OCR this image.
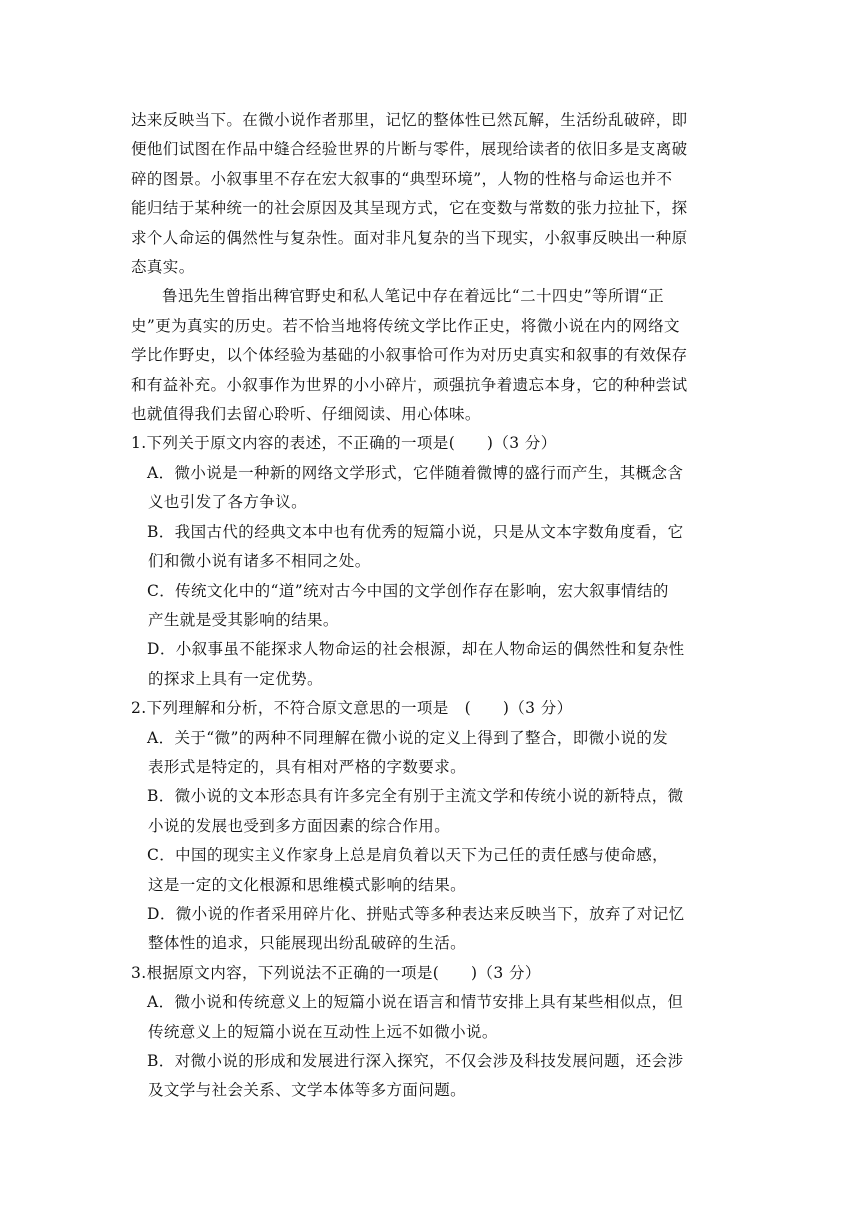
达来反映当下。在微小说作者那里，记忆的整体性已然瓦解，生活纷乱破碎，即
便他们试图在作品中缝合经验世界的片断与零件，展现给读者的依旧多是支离破
碎的图景。小叙事里不存在宏大叙事的“典型环境”，人物的性格与命运也并不
能归结于某种统一的社会原因及其呈现方式，它在变数与常数的张力拉扯下，探
求个人命运的偶然性与复杂性。面对非凡复杂的当下现实，小叙事反映出一种原
态真实。
鲁迅先生曾指出稗官野史和私人笔记中存在着远比“二十四史”等所谓“正
史”更为真实的历史。若不恰当地将传统文学比作正史，将微小说在内的网络文
学比作野史，以个体经验为基础的小叙事恰可作为对历史真实和叙事的有效保存
和有益补充。小叙事作为世界的小小碎片，顽强抗争着遗忘本身，它的种种尝试
也就值得我们去留心聆听、仔细阅读、用心体味。
1.下列关于原文内容的表述，不正确的一项是(　　)（3 分）
A．微小说是一种新的网络文学形式，它伴随着微博的盛行而产生，其概念含
义也引发了各方争议。
B．我国古代的经典文本中也有优秀的短篇小说，只是从文本字数角度看，它
们和微小说有诸多不相同之处。
C．传统文化中的“道”统对古今中国的文学创作存在影响，宏大叙事情结的
产生就是受其影响的结果。
D．小叙事虽不能探求人物命运的社会根源，却在人物命运的偶然性和复杂性
的探求上具有一定优势。
2.下列理解和分析，不符合原文意思的一项是　(　　)（3 分）
A．关于“微”的两种不同理解在微小说的定义上得到了整合，即微小说的发
表形式是特定的，具有相对严格的字数要求。
B．微小说的文本形态具有许多完全有别于主流文学和传统小说的新特点，微
小说的发展也受到多方面因素的综合作用。
C．中国的现实主义作家身上总是肩负着以天下为己任的责任感与使命感，
这是一定的文化根源和思维模式影响的结果。
D．微小说的作者采用碎片化、拼贴式等多种表达来反映当下，放弃了对记忆
整体性的追求，只能展现出纷乱破碎的生活。
3.根据原文内容，下列说法不正确的一项是(　　)（3 分）
A．微小说和传统意义上的短篇小说在语言和情节安排上具有某些相似点，但
传统意义上的短篇小说在互动性上远不如微小说。
B．对微小说的形成和发展进行深入探究，不仅会涉及科技发展问题，还会涉
及文学与社会关系、文学本体等多方面问题。
